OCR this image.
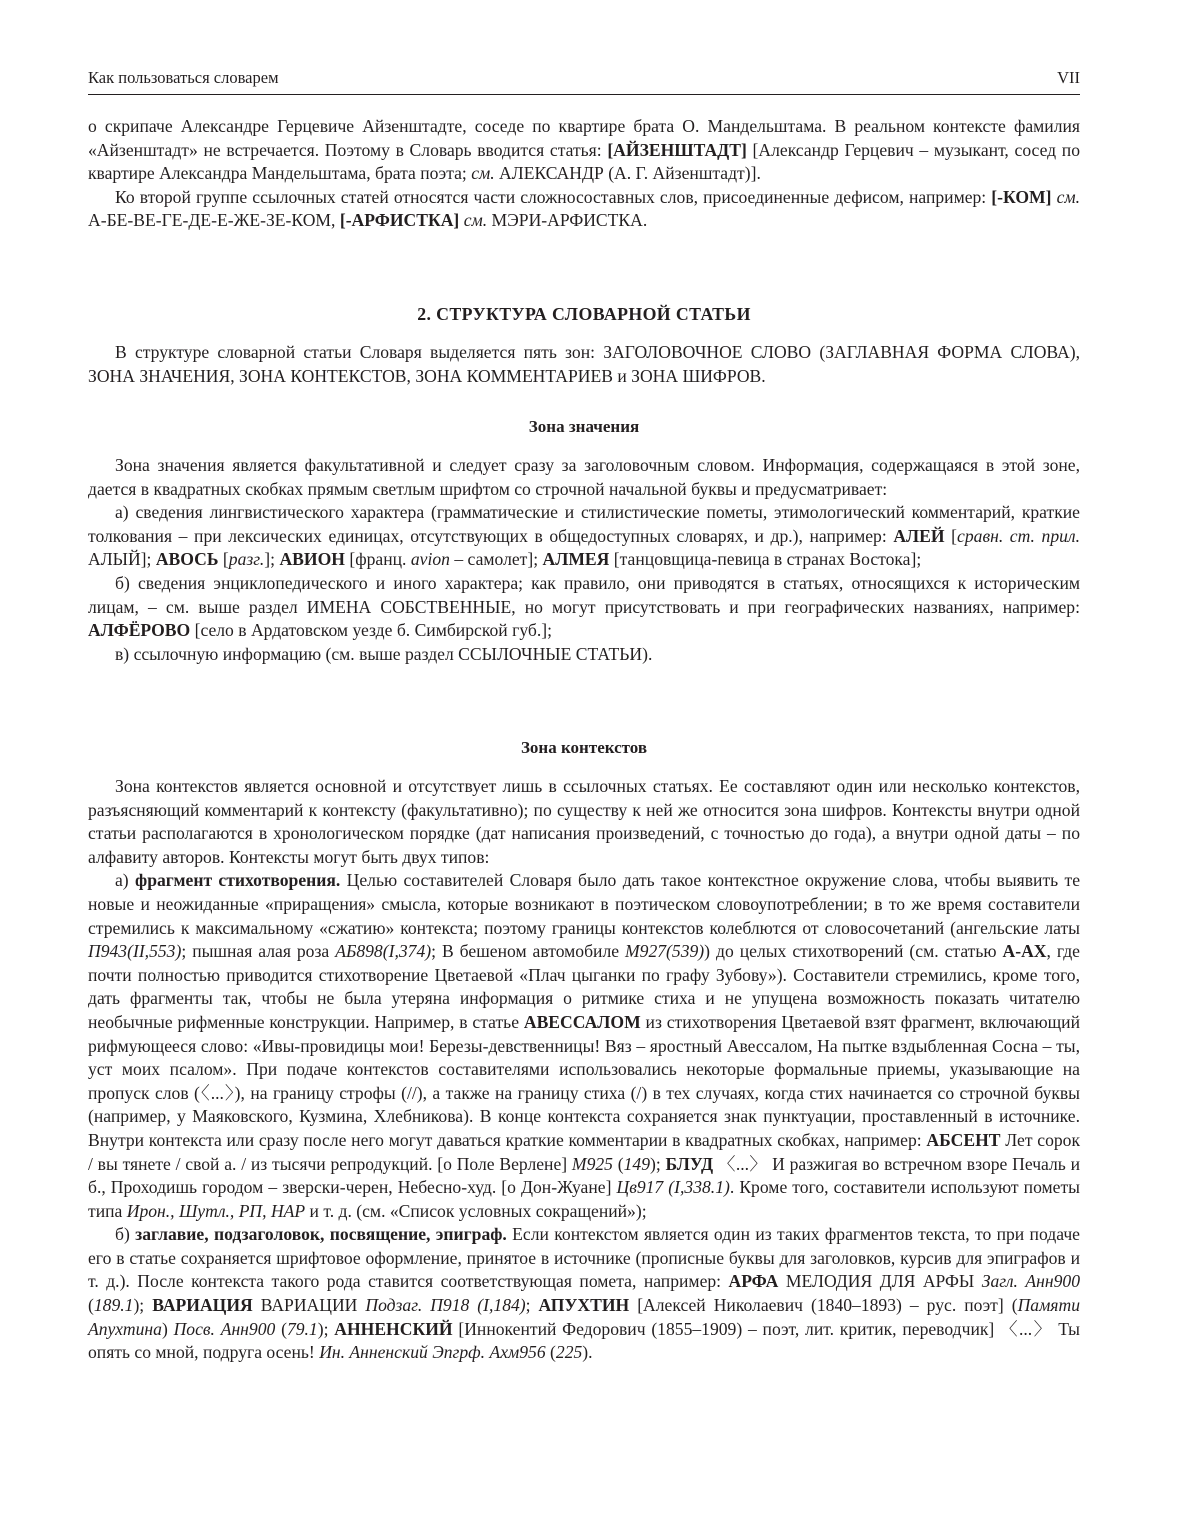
Как пользоваться словарем	VII

о скрипаче Александре Герцевиче Айзенштадте, соседе по квартире брата О. Мандельштама. В реальном контексте фамилия «Айзенштадт» не встречается. Поэтому в Словарь вводится статья: [АЙЗЕНШТАДТ] [Александр Герцевич – музыкант, сосед по квартире Александра Мандельштама, брата поэта; см. АЛЕКСАНДР (А. Г. Айзенштадт)].

Ко второй группе ссылочных статей относятся части сложносоставных слов, присоединенные дефисом, например: [-КОМ] см. А-БЕ-ВЕ-ГЕ-ДЕ-Е-ЖЕ-ЗЕ-КОМ, [-АРФИСТКА] см. МЭРИ-АРФИСТКА.

2. СТРУКТУРА СЛОВАРНОЙ СТАТЬИ

В структуре словарной статьи Словаря выделяется пять зон: ЗАГОЛОВОЧНОЕ СЛОВО (ЗАГЛАВНАЯ ФОРМА СЛОВА), ЗОНА ЗНАЧЕНИЯ, ЗОНА КОНТЕКСТОВ, ЗОНА КОММЕНТАРИЕВ и ЗОНА ШИФРОВ.

Зона значения

Зона значения является факультативной и следует сразу за заголовочным словом. Информация, содержащаяся в этой зоне, дается в квадратных скобках прямым светлым шрифтом со строчной начальной буквы и предусматривает:

а) сведения лингвистического характера (грамматические и стилистические пометы, этимологический комментарий, краткие толкования – при лексических единицах, отсутствующих в общедоступных словарях, и др.), например: АЛЕЙ [сравн. ст. прил. АЛЫЙ]; АВОСЬ [разг.]; АВИОН [франц. avion – самолет]; АЛМЕЯ [танцовщица-певица в странах Востока];

б) сведения энциклопедического и иного характера; как правило, они приводятся в статьях, относящихся к историческим лицам, – см. выше раздел ИМЕНА СОБСТВЕННЫЕ, но могут присутствовать и при географических названиях, например: АЛФЁРОВО [село в Ардатовском уезде б. Симбирской губ.];

в) ссылочную информацию (см. выше раздел ССЫЛОЧНЫЕ СТАТЬИ).

Зона контекстов

Зона контекстов является основной и отсутствует лишь в ссылочных статьях. Ее составляют один или несколько контекстов, разъясняющий комментарий к контексту (факультативно); по существу к ней же относится зона шифров. Контексты внутри одной статьи располагаются в хронологическом порядке (дат написания произведений, с точностью до года), а внутри одной даты – по алфавиту авторов. Контексты могут быть двух типов:

а) фрагмент стихотворения. Целью составителей Словаря было дать такое контекстное окружение слова, чтобы выявить те новые и неожиданные «приращения» смысла, которые возникают в поэтическом словоупотреблении; в то же время составители стремились к максимальному «сжатию» контекста; поэтому границы контекстов колеблются от словосочетаний (ангельские латы П943(II,553); пышная алая роза АБ898(I,374); В бешеном автомобиле М927(539)) до целых стихотворений (см. статью А-АХ, где почти полностью приводится стихотворение Цветаевой «Плач цыганки по графу Зубову»). Составители стремились, кроме того, дать фрагменты так, чтобы не была утеряна информация о ритмике стиха и не упущена возможность показать читателю необычные рифменные конструкции. Например, в статье АВЕССАЛОМ из стихотворения Цветаевой взят фрагмент, включающий рифмующееся слово: «Ивы-провидицы мои! Березы-девственницы! Вяз – яростный Авессалом, На пытке вздыбленная Сосна – ты, уст моих псалом». При подаче контекстов составителями использовались некоторые формальные приемы, указывающие на пропуск слов (〈...〉), на границу строфы (//), а также на границу стиха (/) в тех случаях, когда стих начинается со строчной буквы (например, у Маяковского, Кузмина, Хлебникова). В конце контекста сохраняется знак пунктуации, проставленный в источнике. Внутри контекста или сразу после него могут даваться краткие комментарии в квадратных скобках, например: АБСЕНТ Лет сорок / вы тянете / свой а. / из тысячи репродукций. [о Поле Верлене] М925 (149); БЛУД 〈...〉 И разжигая во встречном взоре Печаль и б., Проходишь городом – зверски-черен, Небесно-худ. [о Дон-Жуане] Цв917 (I,338.1). Кроме того, составители используют пометы типа Ирон., Шутл., РП, НАР и т. д. (см. «Список условных сокращений»);

б) заглавие, подзаголовок, посвящение, эпиграф. Если контекстом является один из таких фрагментов текста, то при подаче его в статье сохраняется шрифтовое оформление, принятое в источнике (прописные буквы для заголовков, курсив для эпиграфов и т. д.). После контекста такого рода ставится соответствующая помета, например: АРФА МЕЛОДИЯ ДЛЯ АРФЫ Загл. Анн900 (189.1); ВАРИАЦИЯ ВАРИАЦИИ Подзаг. П918 (I,184); АПУХТИН [Алексей Николаевич (1840–1893) – рус. поэт] (Памяти Апухтина) Посв. Анн900 (79.1); АННЕНСКИЙ [Иннокентий Федорович (1855–1909) – поэт, лит. критик, переводчик] 〈...〉 Ты опять со мной, подруга осень! Ин. Анненский Эпгрф. Ахм956 (225).
